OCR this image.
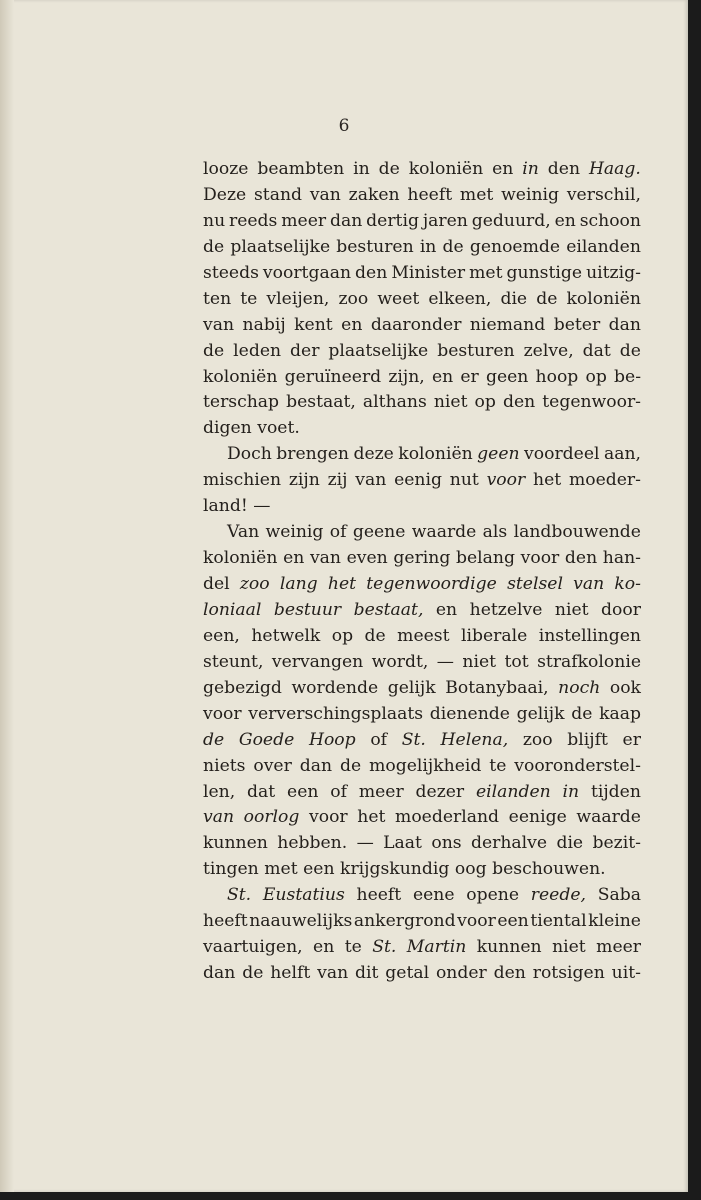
6
looze beambten in de koloniën en in den Haag.
Deze stand van zaken heeft met weinig verschil,
nu reeds meer dan dertig jaren geduurd, en schoon
de plaatselijke besturen in de genoemde eilanden
steeds voortgaan den Minister met gunstige uitzig-
ten te vleijen, zoo weet elkeen, die de koloniën
van nabij kent en daaronder niemand beter dan
de leden der plaatselijke besturen zelve, dat de
koloniën geruïneerd zijn, en er geen hoop op be-
terschap bestaat, althans niet op den tegenwoor-
digen voet.
Doch brengen deze koloniën geen voordeel aan,
mischien zijn zij van eenig nut voor het moeder-
land! —
Van weinig of geene waarde als landbouwende
koloniën en van even gering belang voor den han-
del zoo lang het tegenwoordige stelsel van ko-
loniaal bestuur bestaat, en hetzelve niet door
een, hetwelk op de meest liberale instellingen
steunt, vervangen wordt, — niet tot strafkolonie
gebezigd wordende gelijk Botanybaai, noch ook
voor ververschingsplaats dienende gelijk de kaap
de Goede Hoop of St. Helena, zoo blijft er
niets over dan de mogelijkheid te vooronderstel-
len, dat een of meer dezer eilanden in tijden
van oorlog voor het moederland eenige waarde
kunnen hebben. — Laat ons derhalve die bezit-
tingen met een krijgskundig oog beschouwen.
St. Eustatius heeft eene opene reede, Saba
heeft naauwelijks ankergrond voor een tiental kleine
vaartuigen, en te St. Martin kunnen niet meer
dan de helft van dit getal onder den rotsigen uit-
